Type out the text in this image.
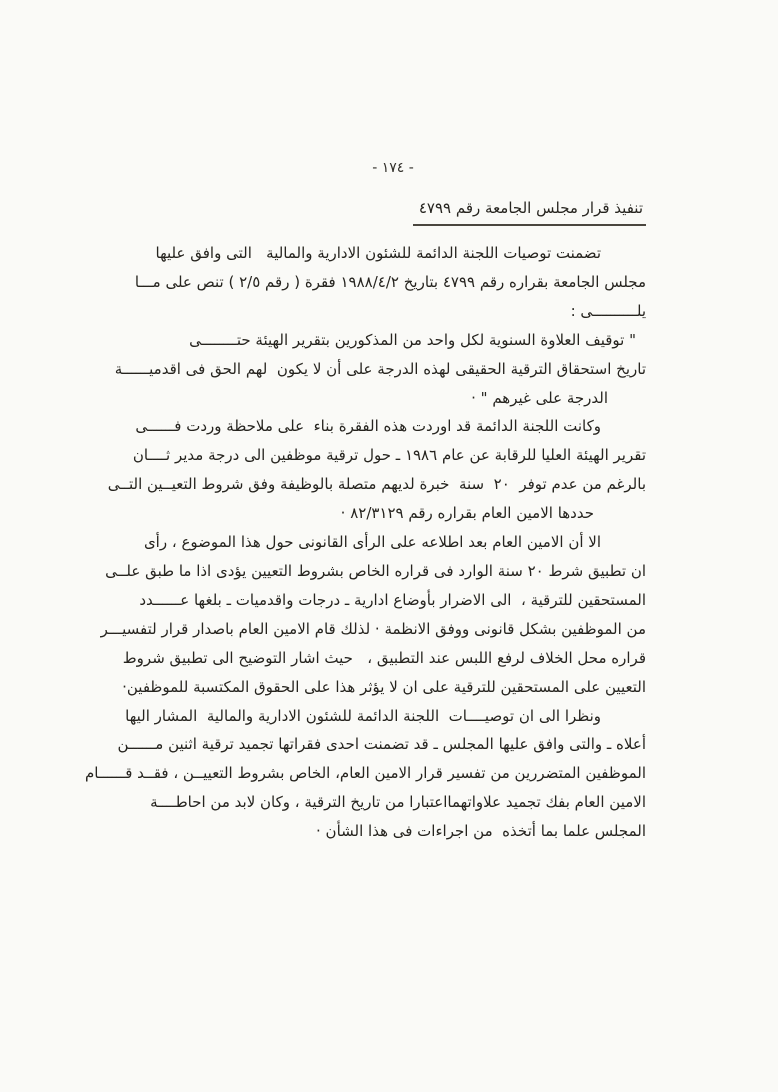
- ١٧٤ -
تنفيذ قرار مجلس الجامعة رقم ٤٧٩٩
تضمنت توصيات اللجنة الدائمة للشئون الادارية والمالية   التى وافق عليها
مجلس الجامعة بقراره رقم ٤٧٩٩ بتاريخ ١٩٨٨/٤/٢ فقرة ( رقم ٢/٥ ) تنص على مـــا
يلــــــــــى :
" توقيف العلاوة السنوية لكل واحد من المذكورين بتقرير الهيئة حتــــــــى
تاريخ استحقاق الترقية الحقيقى لهذه الدرجة على أن لا يكون  لهم الحق فى اقدميــــــة
الدرجة على غيرهم " ·
وكانت اللجنة الدائمة قد اوردت هذه الفقرة بناء  على ملاحظة وردت فــــــى
تقرير الهيئة العليا للرقابة عن عام ١٩٨٦ ـ حول ترقية موظفين الى درجة مدير ثــــان
بالرغم من عدم توفر  ٢٠  سنة  خبرة لديهم متصلة بالوظيفة وفق شروط التعيــين التــى
حددها الامين العام بقراره رقم ٨٢/٣١٢٩ ·
الا أن الامين العام بعد اطلاعه على الرأى القانونى حول هذا الموضوع ، رأى
ان تطبيق شرط ٢٠ سنة الوارد فى قراره الخاص بشروط التعيين يؤدى اذا ما طبق علــى
المستحقين للترقية ،  الى الاضرار بأوضاع ادارية ـ درجات واقدميات ـ بلغها عــــــدد
من الموظفين بشكل قانونى ووفق الانظمة · لذلك قام الامين العام باصدار قرار لتفسيـــر
قراره محل الخلاف لرفع اللبس عند التطبيق ،   حيث اشار التوضيح الى تطبيق شروط
التعيين على المستحقين للترقية على ان لا يؤثر هذا على الحقوق المكتسبة للموظفين·
ونظرا الى ان توصيــــات  اللجنة الدائمة للشئون الادارية والمالية  المشار اليها
أعلاه ـ والتى وافق عليها المجلس ـ قد تضمنت احدى فقراتها تجميد ترقية اثنين مــــــن
الموظفين المتضررين من تفسير قرار الامين العام، الخاص بشروط التعييــن ، فقــد قــــــام
الامين العام بفك تجميد علاواتهمااعتبارا من تاريخ الترقية ، وكان لابد من احاطــــة
المجلس علما بما أتخذه  من اجراءات فى هذا الشأن ·
